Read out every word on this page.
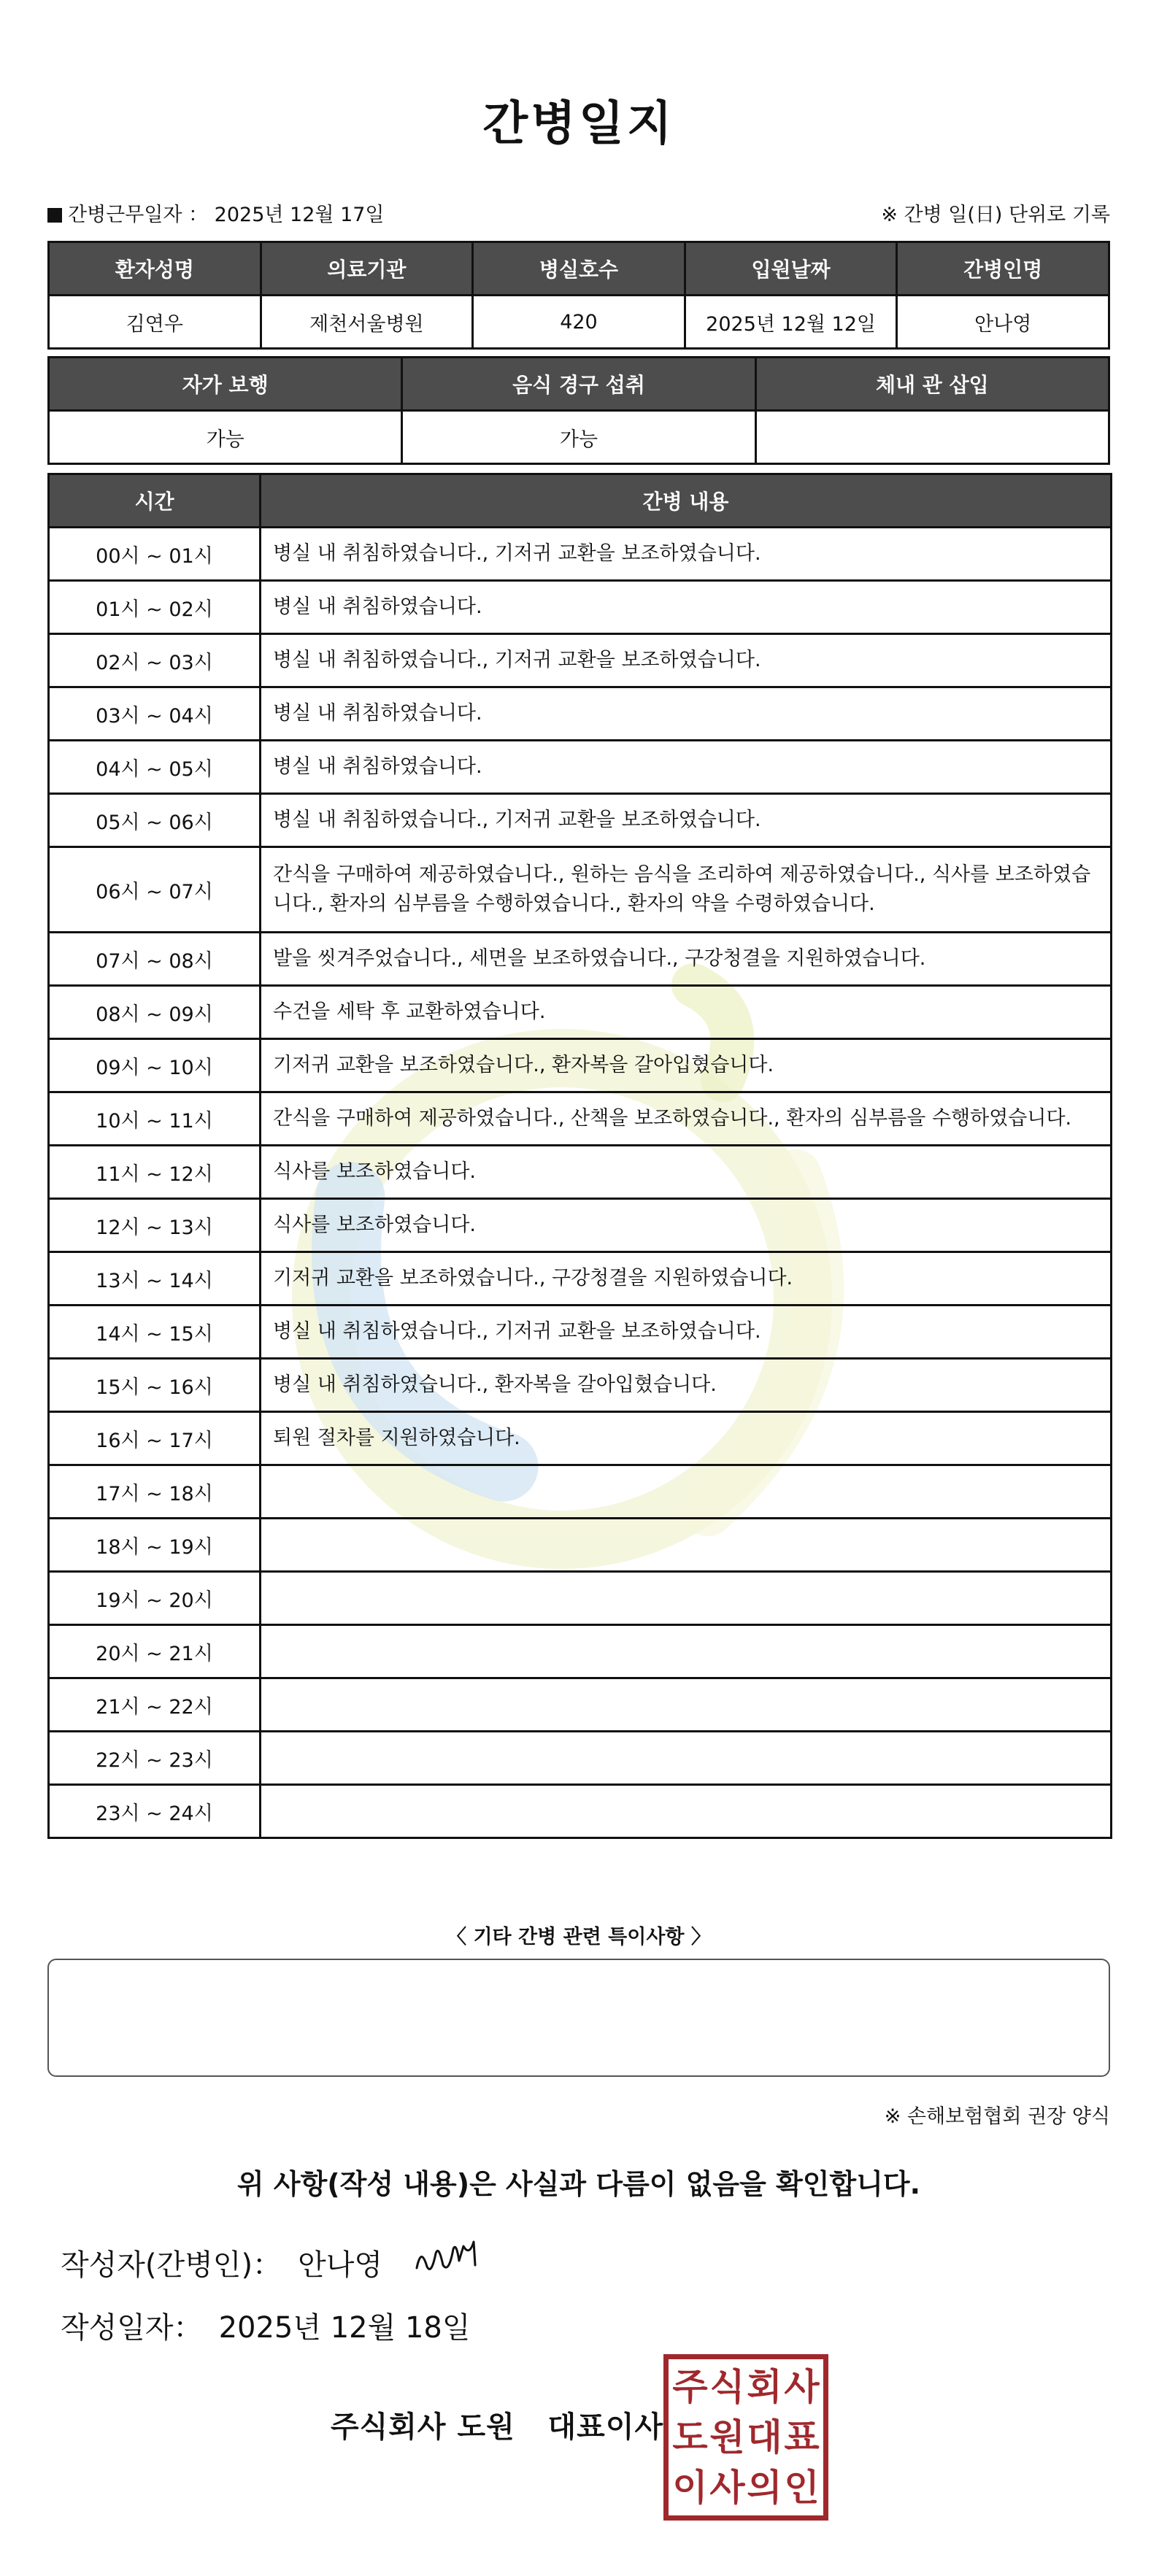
간병일지
간병근무일자 ： 2025년 12월 17일	※ 간병 일(日) 단위로 기록
환자성명	의료기관	병실호수	입원날짜	간병인명
김연우	제천서울병원	420	2025년 12월 12일	안나영
자가 보행	음식 경구 섭취	체내 관 삽입
가능	가능	
시간	간병 내용
00시 ~ 01시	병실 내 취침하였습니다., 기저귀 교환을 보조하였습니다.
01시 ~ 02시	병실 내 취침하였습니다.
02시 ~ 03시	병실 내 취침하였습니다., 기저귀 교환을 보조하였습니다.
03시 ~ 04시	병실 내 취침하였습니다.
04시 ~ 05시	병실 내 취침하였습니다.
05시 ~ 06시	병실 내 취침하였습니다., 기저귀 교환을 보조하였습니다.
06시 ~ 07시	간식을 구매하여 제공하였습니다., 원하는 음식을 조리하여 제공하였습니다., 식사를 보조하였습니다., 환자의 심부름을 수행하였습니다., 환자의 약을 수령하였습니다.
07시 ~ 08시	발을 씻겨주었습니다., 세면을 보조하였습니다., 구강청결을 지원하였습니다.
08시 ~ 09시	수건을 세탁 후 교환하였습니다.
09시 ~ 10시	기저귀 교환을 보조하였습니다., 환자복을 갈아입혔습니다.
10시 ~ 11시	간식을 구매하여 제공하였습니다., 산책을 보조하였습니다., 환자의 심부름을 수행하였습니다.
11시 ~ 12시	식사를 보조하였습니다.
12시 ~ 13시	식사를 보조하였습니다.
13시 ~ 14시	기저귀 교환을 보조하였습니다., 구강청결을 지원하였습니다.
14시 ~ 15시	병실 내 취침하였습니다., 기저귀 교환을 보조하였습니다.
15시 ~ 16시	병실 내 취침하였습니다., 환자복을 갈아입혔습니다.
16시 ~ 17시	퇴원 절차를 지원하였습니다.
17시 ~ 18시	
18시 ~ 19시	
19시 ~ 20시	
20시 ~ 21시	
21시 ~ 22시	
22시 ~ 23시	
23시 ~ 24시	
〈 기타 간병 관련 특이사항 〉
※ 손해보험협회 권장 양식
위 사항(작성 내용)은 사실과 다름이 없음을 확인합니다.
작성자(간병인)： 안나영
작성일자： 2025년 12월 18일
주식회사 도원 대표이사
주 식 회 사
도 원 대 표
이 사 의 인
